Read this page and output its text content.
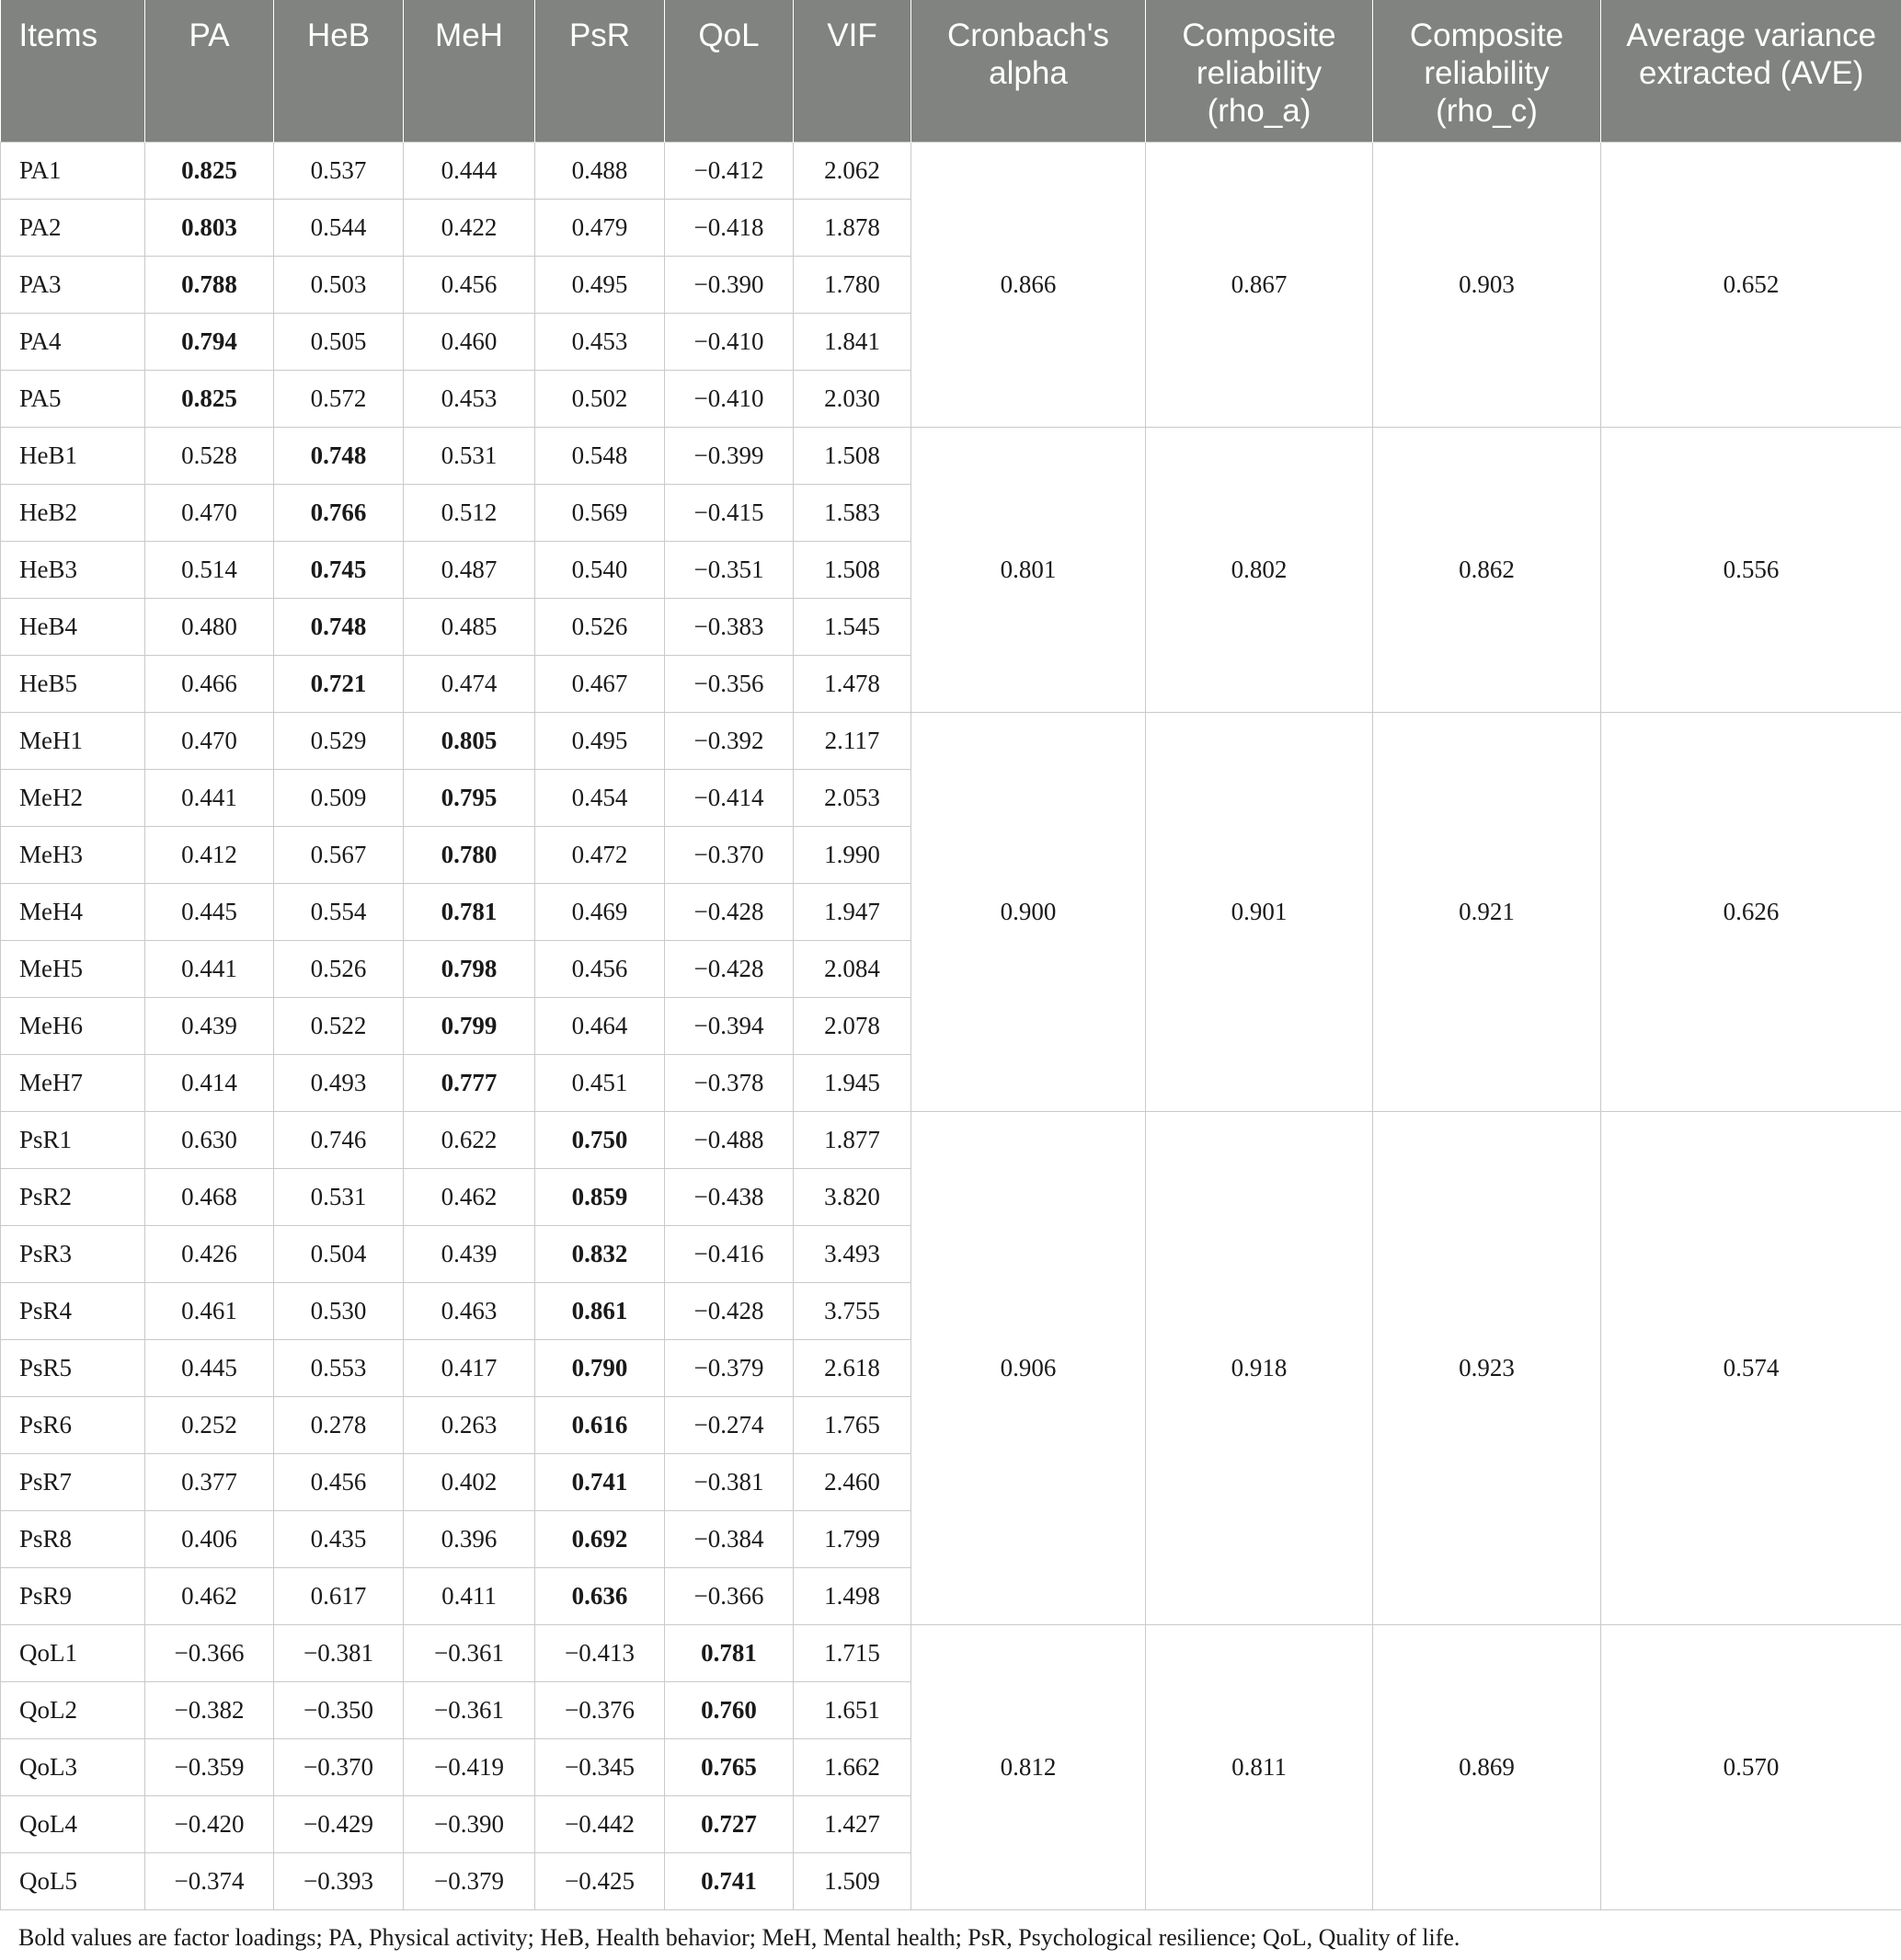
Items	PA	HeB	MeH	PsR	QoL	VIF	Cronbach's alpha	Composite reliability (rho_a)	Composite reliability (rho_c)	Average variance extracted (AVE)
PA1	0.825	0.537	0.444	0.488	−0.412	2.062	0.866	0.867	0.903	0.652
PA2	0.803	0.544	0.422	0.479	−0.418	1.878				
PA3	0.788	0.503	0.456	0.495	−0.390	1.780				
PA4	0.794	0.505	0.460	0.453	−0.410	1.841				
PA5	0.825	0.572	0.453	0.502	−0.410	2.030				
HeB1	0.528	0.748	0.531	0.548	−0.399	1.508	0.801	0.802	0.862	0.556
HeB2	0.470	0.766	0.512	0.569	−0.415	1.583				
HeB3	0.514	0.745	0.487	0.540	−0.351	1.508				
HeB4	0.480	0.748	0.485	0.526	−0.383	1.545				
HeB5	0.466	0.721	0.474	0.467	−0.356	1.478				
MeH1	0.470	0.529	0.805	0.495	−0.392	2.117	0.900	0.901	0.921	0.626
MeH2	0.441	0.509	0.795	0.454	−0.414	2.053				
MeH3	0.412	0.567	0.780	0.472	−0.370	1.990				
MeH4	0.445	0.554	0.781	0.469	−0.428	1.947				
MeH5	0.441	0.526	0.798	0.456	−0.428	2.084				
MeH6	0.439	0.522	0.799	0.464	−0.394	2.078				
MeH7	0.414	0.493	0.777	0.451	−0.378	1.945				
PsR1	0.630	0.746	0.622	0.750	−0.488	1.877	0.906	0.918	0.923	0.574
PsR2	0.468	0.531	0.462	0.859	−0.438	3.820				
PsR3	0.426	0.504	0.439	0.832	−0.416	3.493				
PsR4	0.461	0.530	0.463	0.861	−0.428	3.755				
PsR5	0.445	0.553	0.417	0.790	−0.379	2.618				
PsR6	0.252	0.278	0.263	0.616	−0.274	1.765				
PsR7	0.377	0.456	0.402	0.741	−0.381	2.460				
PsR8	0.406	0.435	0.396	0.692	−0.384	1.799				
PsR9	0.462	0.617	0.411	0.636	−0.366	1.498				
QoL1	−0.366	−0.381	−0.361	−0.413	0.781	1.715	0.812	0.811	0.869	0.570
QoL2	−0.382	−0.350	−0.361	−0.376	0.760	1.651				
QoL3	−0.359	−0.370	−0.419	−0.345	0.765	1.662				
QoL4	−0.420	−0.429	−0.390	−0.442	0.727	1.427				
QoL5	−0.374	−0.393	−0.379	−0.425	0.741	1.509				
Bold values are factor loadings; PA, Physical activity; HeB, Health behavior; MeH, Mental health; PsR, Psychological resilience; QoL, Quality of life.
